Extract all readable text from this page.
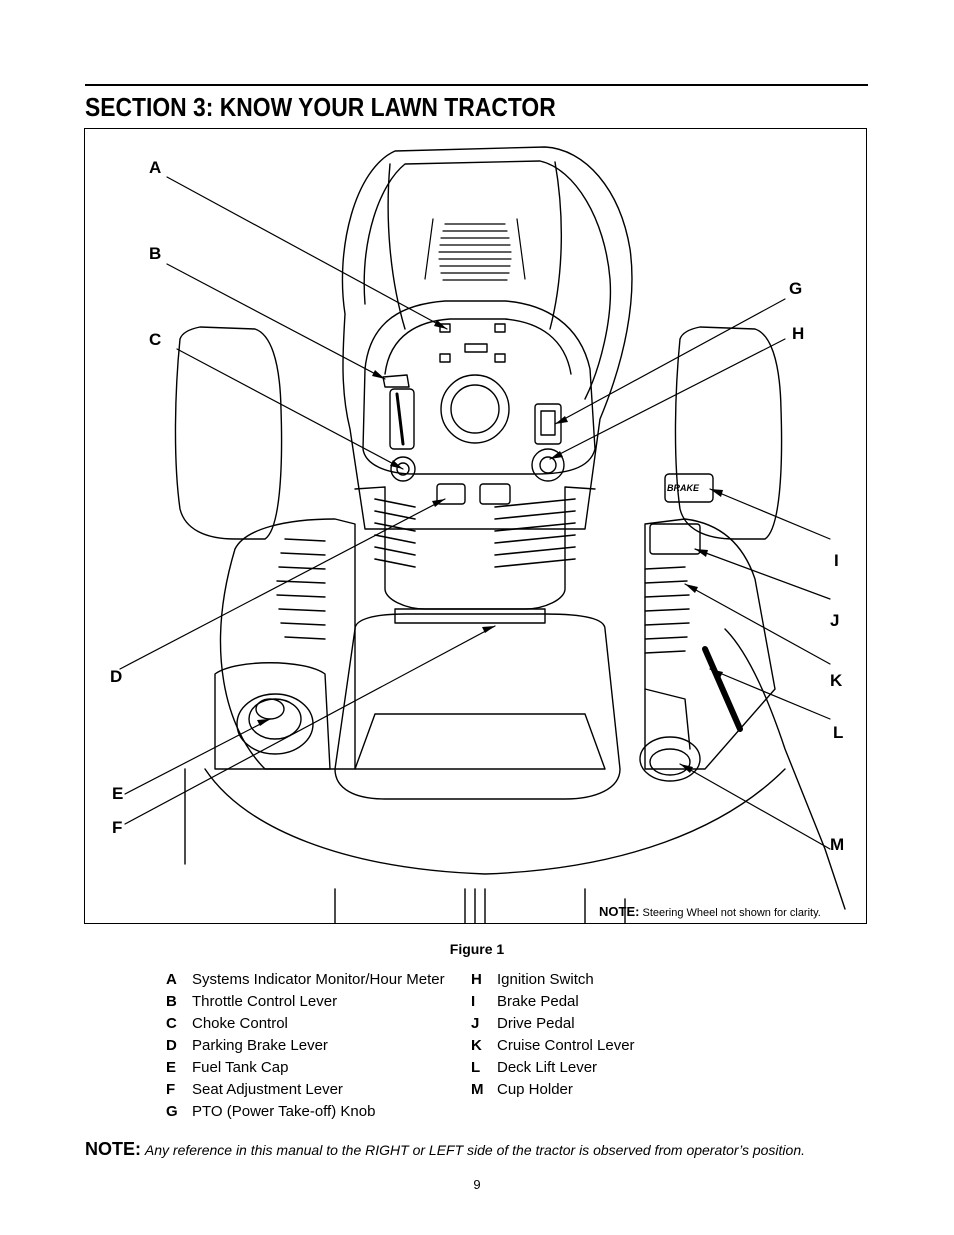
SECTION 3: KNOW YOUR LAWN TRACTOR
BRAKE
A
B
C
D
E
F
G
H
I
J
K
L
M
NOTE: Steering Wheel not shown for clarity.
Figure 1
A Systems Indicator Monitor/Hour Meter
B Throttle Control Lever
C Choke Control
D Parking Brake Lever
E Fuel Tank Cap
F Seat Adjustment Lever
G PTO (Power Take-off) Knob
H Ignition Switch
I Brake Pedal
J Drive Pedal
K Cruise Control Lever
L Deck Lift Lever
M Cup Holder
NOTE: Any reference in this manual to the RIGHT or LEFT side of the tractor is observed from operator’s position.
9
